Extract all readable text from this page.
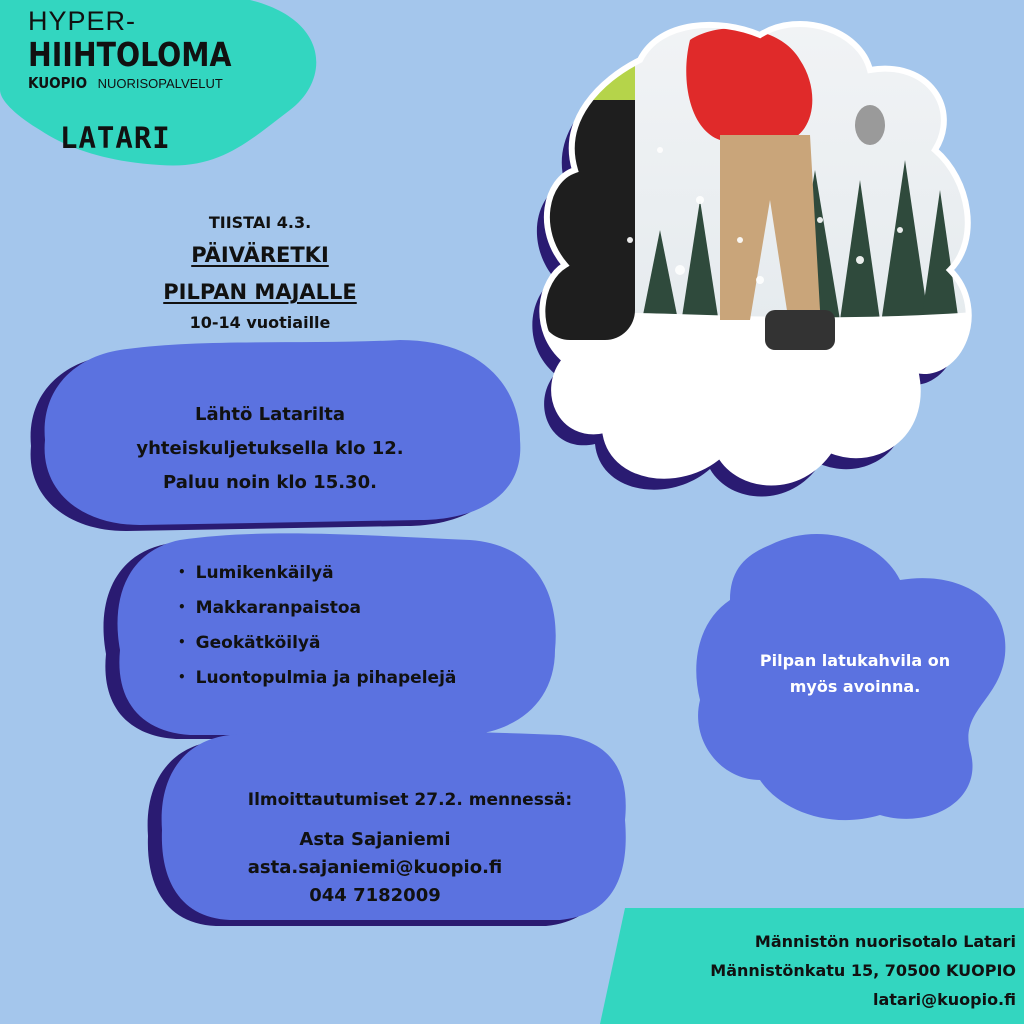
HYPER-
HIIHTOLOMA
KUOPIO NUORISOPALVELUT
LATARI
TIISTAI 4.3.
PÄIVÄRETKI
PILPAN MAJALLE
10-14 vuotiaille
Lähtö Latarilta
yhteiskuljetuksella klo 12.
Paluu noin klo 15.30.
• Lumikenkäilyä
• Makkaranpaistoa
• Geokätköilyä
• Luontopulmia ja pihapelejä
Ilmoittautumiset 27.2. mennessä:
Asta Sajaniemi
asta.sajaniemi@kuopio.fi
044 7182009
Pilpan latukahvila on
myös avoinna.
Männistön nuorisotalo Latari
Männistönkatu 15, 70500 KUOPIO
latari@kuopio.fi
